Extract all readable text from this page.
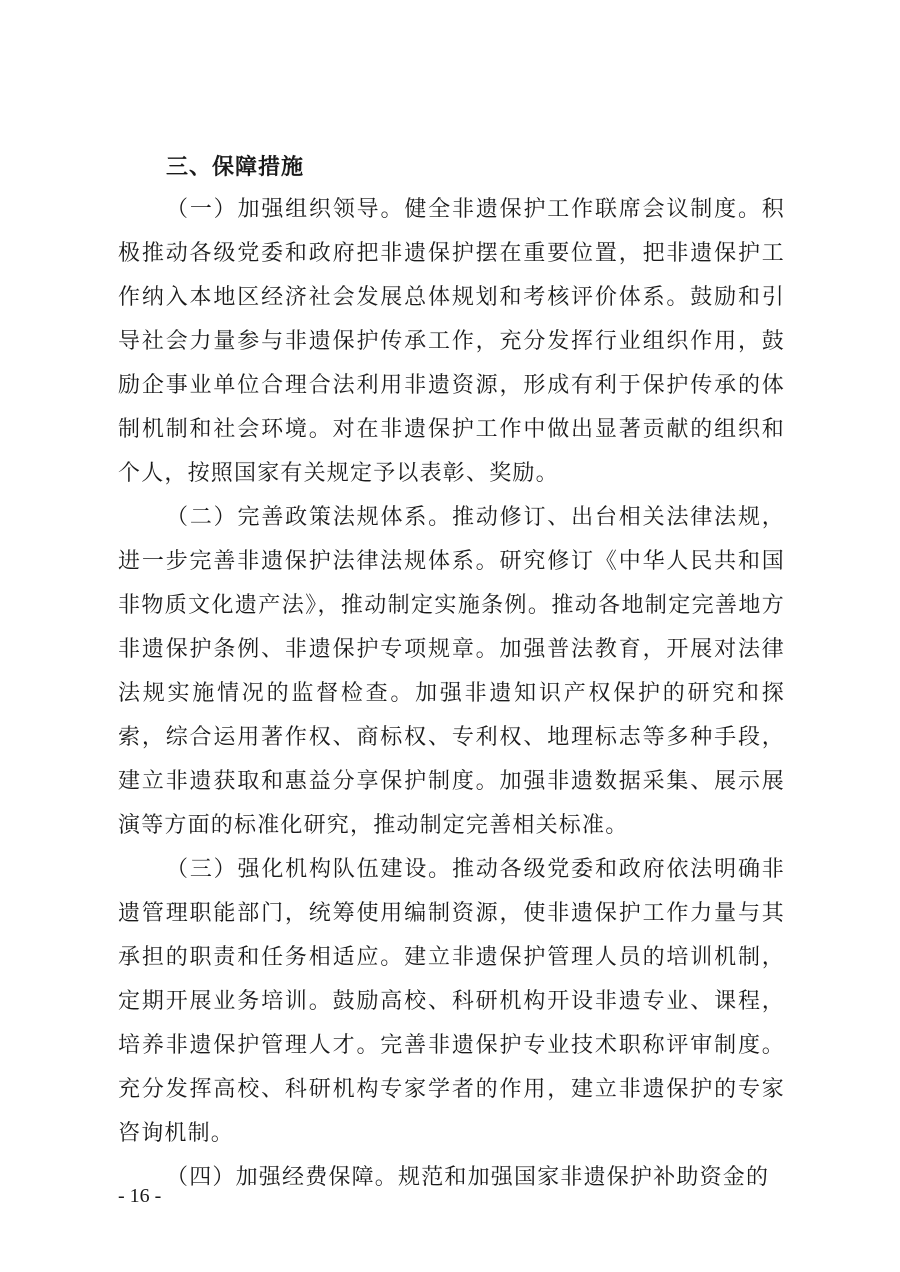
三、保障措施

（一）加强组织领导。健全非遗保护工作联席会议制度。积极推动各级党委和政府把非遗保护摆在重要位置，把非遗保护工作纳入本地区经济社会发展总体规划和考核评价体系。鼓励和引导社会力量参与非遗保护传承工作，充分发挥行业组织作用，鼓励企事业单位合理合法利用非遗资源，形成有利于保护传承的体制机制和社会环境。对在非遗保护工作中做出显著贡献的组织和个人，按照国家有关规定予以表彰、奖励。

（二）完善政策法规体系。推动修订、出台相关法律法规，进一步完善非遗保护法律法规体系。研究修订《中华人民共和国非物质文化遗产法》，推动制定实施条例。推动各地制定完善地方非遗保护条例、非遗保护专项规章。加强普法教育，开展对法律法规实施情况的监督检查。加强非遗知识产权保护的研究和探索，综合运用著作权、商标权、专利权、地理标志等多种手段，建立非遗获取和惠益分享保护制度。加强非遗数据采集、展示展演等方面的标准化研究，推动制定完善相关标准。

（三）强化机构队伍建设。推动各级党委和政府依法明确非遗管理职能部门，统筹使用编制资源，使非遗保护工作力量与其承担的职责和任务相适应。建立非遗保护管理人员的培训机制，定期开展业务培训。鼓励高校、科研机构开设非遗专业、课程，培养非遗保护管理人才。完善非遗保护专业技术职称评审制度。充分发挥高校、科研机构专家学者的作用，建立非遗保护的专家咨询机制。

（四）加强经费保障。规范和加强国家非遗保护补助资金的

- 16 -
